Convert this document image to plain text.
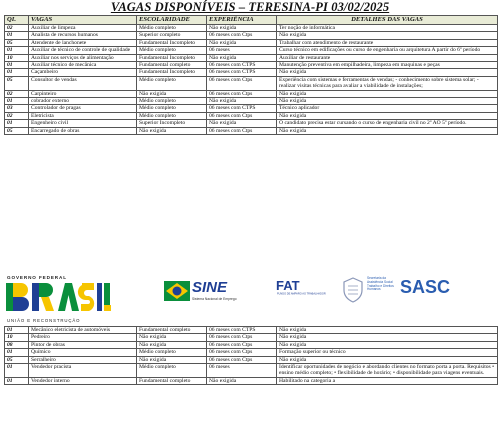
VAGAS DISPONÍVEIS – TERESINA-PI 03/02/2025
QI.	VAGAS	ESCOLARIDADE	EXPERIÊNCIA	DETALHES DAS VAGAS
02	Auxiliar de limpeza	Médio completo	Não exigida	Ter noção de informática
01	Analista de recursos humanos	Superior completo	06 meses com Ctps	Não exigida
05	Atendente de lanchonete	Fundamental Incompleto	Não exigida	Trabalhar com atendimento de restaurante
01	Auxiliar de técnico de controle de qualidade	Médio completo	06 meses	Curso técnico em edificações ou curso de engenharia ou arquitetura A partir do 6º período
10	Auxiliar nos serviços de alimentação	Fundamental Incompleto	Não exigida	Auxiliar de restaurante
01	Auxiliar técnico de mecânica	Fundamental completo	06 meses com CTPS	Manutenção preventiva em empilhadeira, limpeza em maquinas e peças
01	Caçambeiro	Fundamental Incompleto	06 meses com CTPS	Não exigida
05	Consultor de vendas	Médio completo	06 meses com Ctps	Experiência com sistemas e ferramentas de vendas; - conhecimento sobre sistema solar; - realizar visitas técnicas para avaliar a viabilidade de instalações;
02	Carpinteiro	Não exigida	06 meses com Ctps	Não exigida
01	cobrador externo	Médio completo	Não exigida	Não exigida
03	Controlador de pragas	Médio completo	06 meses com CTPS	Técnico aplicador
02	Eletricista	Médio completo	06 meses com Ctps	Não exigida
01	Engenheiro civil	Superior Incompleto	Não exigida	O candidato precisa estar cursando o curso de engenharia civil no 2º AO 5º período.
05	Encarregado de obras	Não exigida	06 meses com Ctps	Não exigida
GOVERNO FEDERAL
UNIÃO E RECONSTRUÇÃO
SINE
Sistema Nacional de Emprego
FAT
FUNDO DE AMPARO AO TRABALHADOR
Secretaria da Assistência Social Trabalho e Direitos Humanos	SASC
01	Mecânico eletricista de automóveis	Fundamental completo	06 meses com CTPS	Não exigida
10	Pedreiro	Não exigida	06 meses com Ctps	Não exigida
08	Pintor de obras	Não exigida	06 meses com Ctps	Não exigida
01	Químico	Médio completo	06 meses com Ctps	Formação superior ou técnico
05	Serralheiro	Não exigida	06 meses com Ctps	Não exigida
01	Vendedor pracista	Médio completo	06 meses	Identificar oportunidades de negócio e abordando clientes no formato porta a porta. Requisitos • ensino médio completo; • flexibilidade de horário; • disponibilidade para viagens eventuais.
01	Vendedor interno	Fundamental completo	Não exigida	Habilitado na categoria a
